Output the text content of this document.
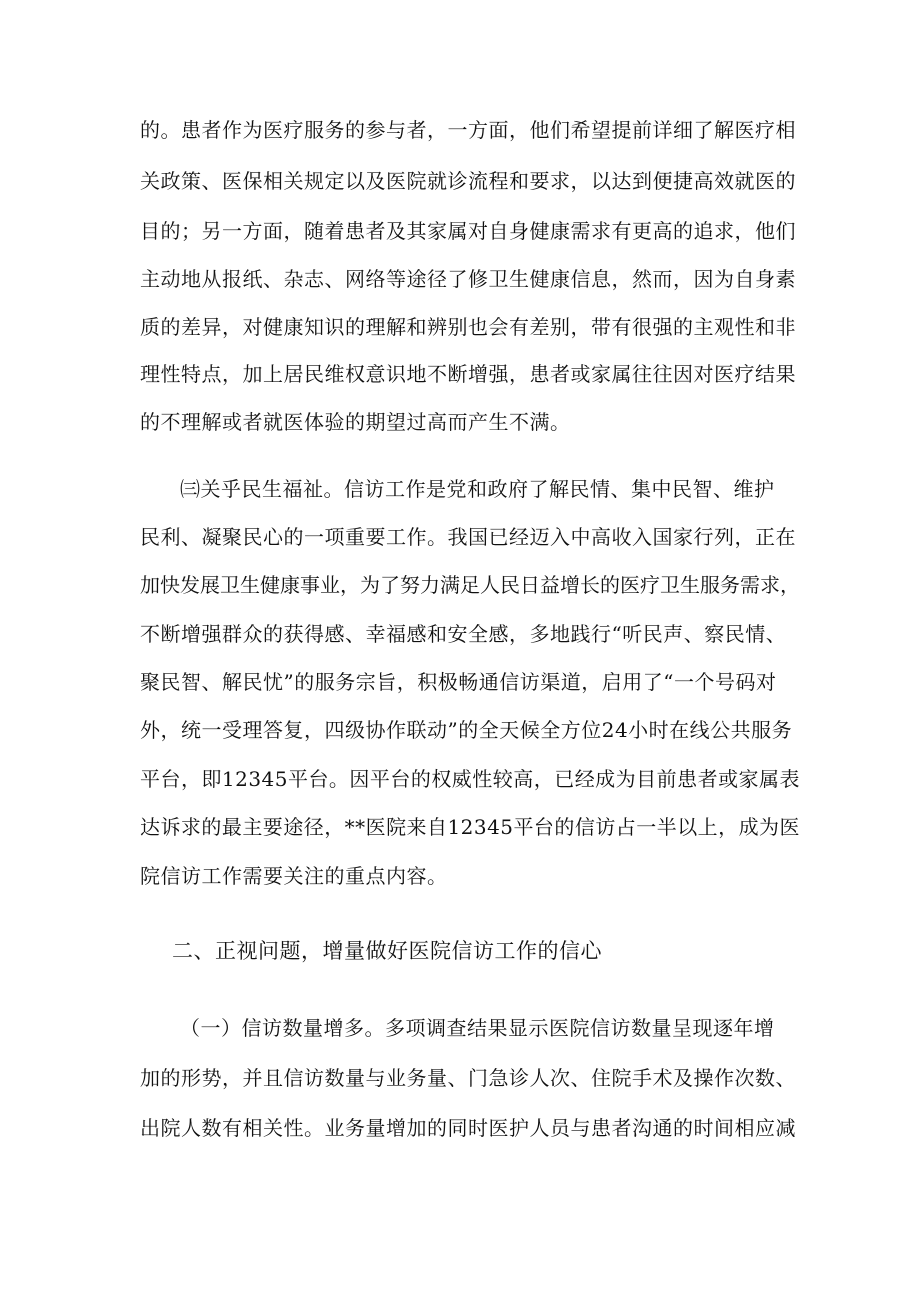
的。患者作为医疗服务的参与者，一方面，他们希望提前详细了解医疗相
关政策、医保相关规定以及医院就诊流程和要求，以达到便捷高效就医的
目的；另一方面，随着患者及其家属对自身健康需求有更高的追求，他们
主动地从报纸、杂志、网络等途径了修卫生健康信息，然而，因为自身素
质的差异，对健康知识的理解和辨别也会有差别，带有很强的主观性和非
理性特点，加上居民维权意识地不断增强，患者或家属往往因对医疗结果
的不理解或者就医体验的期望过高而产生不满。
㈢关乎民生福祉。信访工作是党和政府了解民情、集中民智、维护
民利、凝聚民心的一项重要工作。我国已经迈入中高收入国家行列，正在
加快发展卫生健康事业，为了努力满足人民日益增长的医疗卫生服务需求，
不断增强群众的获得感、幸福感和安全感，多地践行“听民声、察民情、
聚民智、解民忧”的服务宗旨，积极畅通信访渠道，启用了“一个号码对
外，统一受理答复，四级协作联动”的全天候全方位24小时在线公共服务
平台，即12345平台。因平台的权威性较高，已经成为目前患者或家属表
达诉求的最主要途径，**医院来自12345平台的信访占一半以上，成为医
院信访工作需要关注的重点内容。
二、正视问题，增量做好医院信访工作的信心
（一）信访数量增多。多项调查结果显示医院信访数量呈现逐年增
加的形势，并且信访数量与业务量、门急诊人次、住院手术及操作次数、
出院人数有相关性。业务量增加的同时医护人员与患者沟通的时间相应减
